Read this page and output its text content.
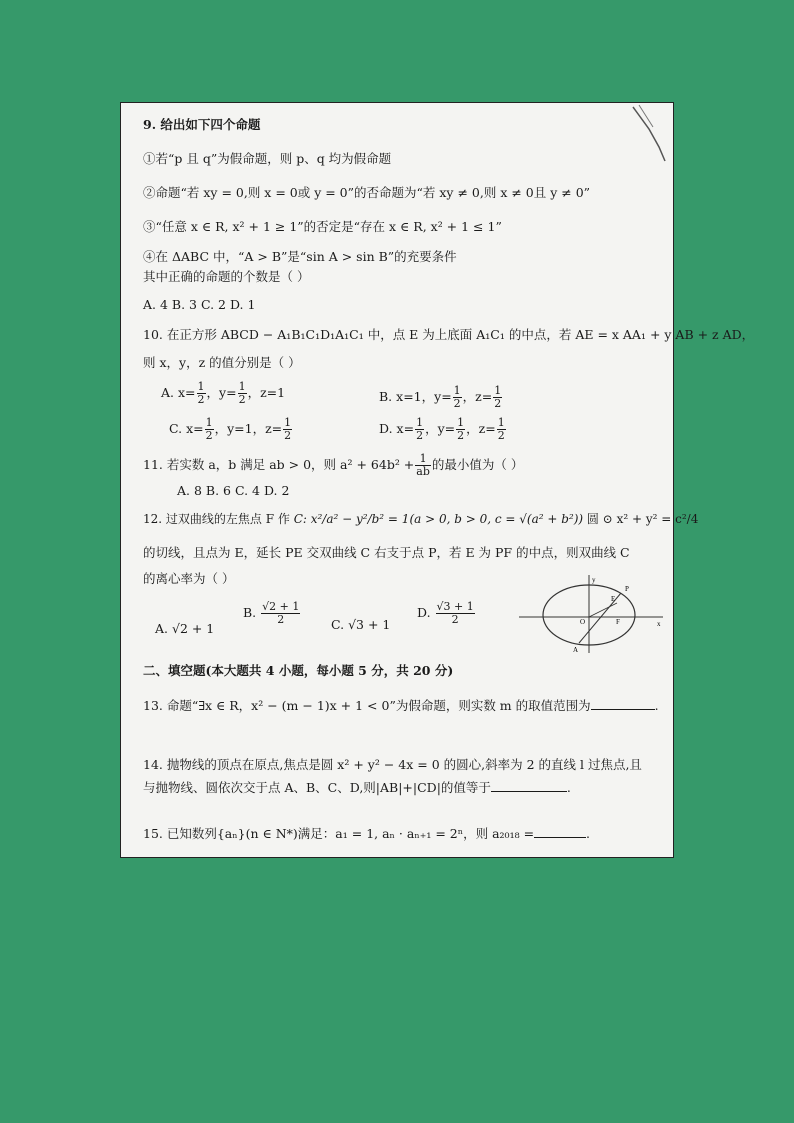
9. 给出如下四个命题
①若“p 且 q”为假命题，则 p、q 均为假命题
②命题“若 xy = 0,则 x = 0或 y = 0”的否命题为“若 xy ≠ 0,则 x ≠ 0且 y ≠ 0”
③“任意 x ∈ R, x² + 1 ≥ 1”的否定是“存在 x ∈ R, x² + 1 ≤ 1”
④在 ΔABC 中，“A > B”是“sin A > sin B”的充要条件
其中正确的命题的个数是（ ）
A. 4 B. 3 C. 2 D. 1
10. 在正方形 ABCD − A₁B₁C₁D₁A₁C₁ 中，点 E 为上底面 A₁C₁ 的中点，若 AE = x AA₁ + y AB + z AD，
则 x，y，z 的值分别是（ ）
A. $x= \frac{1}{2}$ ，$y= \frac{1}{2}$ ，z=1	B. x=1，$y= \frac{1}{2}$ ，$z= \frac{1}{2}$
C. $x= \frac{1}{2}$ ，y=1，$z= \frac{1}{2}$	D. $x= \frac{1}{2}$ ，$y= \frac{1}{2}$ ，$z= \frac{1}{2}$
11. 若实数 a，b 满足 ab > 0，则 $a^2 + 64b^2 + \frac{1}{ab}$ 的最小值为（ ）
A. 8 B. 6 C. 4 D. 2
12. 过双曲线的左焦点 F 作 C: x²/a² − y²/b² = 1(a > 0, b > 0, c = √(a² + b²)) 圆 ⊙ x² + y² = c²/4
的切线，且点为 E，延长 PE 交双曲线 C 右支于点 P，若 E 为 PF 的中点，则双曲线 C
的离心率为（ ）
A. √2 + 1
B. $\frac{√2 + 1}{2} C$. √3 + 1
D. $\frac{√3 + 1}{2}$
y
x
O	F
E
P
A
二、填空题(本大题共 4 小题，每小题 5 分，共 20 分)
13. 命题“∃x ∈ R，x² − (m − 1)x + 1 < 0”为假命题，则实数 m 的取值范围为	.
14. 抛物线的顶点在原点,焦点是圆 x² + y² − 4x = 0 的圆心,斜率为 2 的直线 l 过焦点,且
与抛物线、圆依次交于点 A、B、C、D,则|AB|+|CD|的值等于	.
15. 已知数列{aₙ}(n ∈ N*)满足：a₁ = 1, aₙ · aₙ₊₁ = 2ⁿ，则 a₂₀₁₈ =	.
